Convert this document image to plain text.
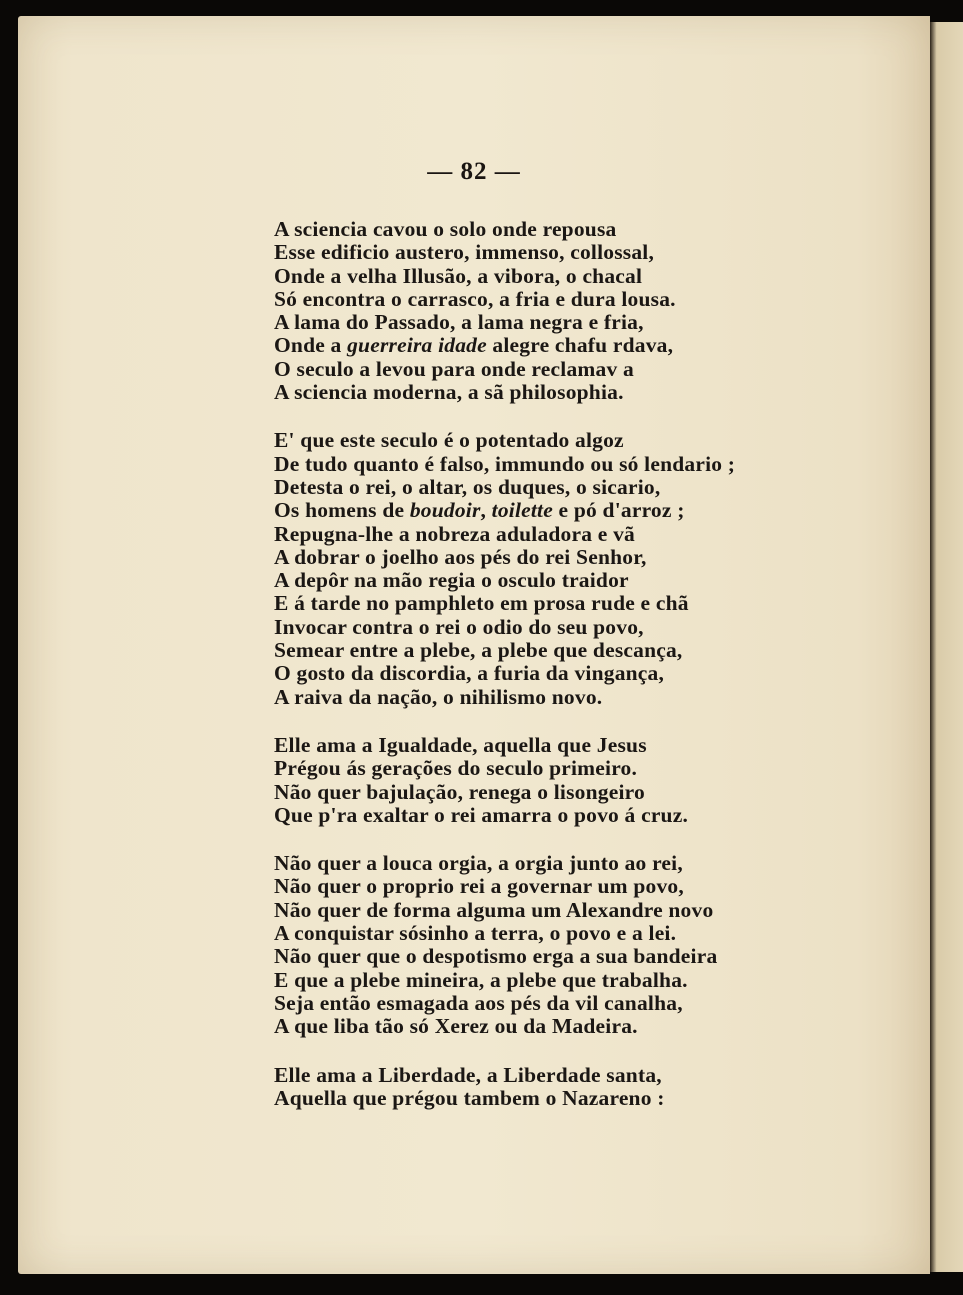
— 82 —
A sciencia cavou o solo onde repousa
Esse edificio austero, immenso, collossal,
Onde a velha Illusão, a vibora, o chacal
Só encontra o carrasco, a fria e dura lousa.
A lama do Passado, a lama negra e fria,
Onde a guerreira idade alegre chafu rdava,
O seculo a levou para onde reclamav a
A sciencia moderna, a sã philosophia.
E' que este seculo é o potentado algoz
De tudo quanto é falso, immundo ou só lendario ;
Detesta o rei, o altar, os duques, o sicario,
Os homens de boudoir, toilette e pó d'arroz ;
Repugna-lhe a nobreza aduladora e vã
A dobrar o joelho aos pés do rei Senhor,
A depôr na mão regia o osculo traidor
E á tarde no pamphleto em prosa rude e chã
Invocar contra o rei o odio do seu povo,
Semear entre a plebe, a plebe que descança,
O gosto da discordia, a furia da vingança,
A raiva da nação, o nihilismo novo.
Elle ama a Igualdade, aquella que Jesus
Prégou ás gerações do seculo primeiro.
Não quer bajulação, renega o lisongeiro
Que p'ra exaltar o rei amarra o povo á cruz.
Não quer a louca orgia, a orgia junto ao rei,
Não quer o proprio rei a governar um povo,
Não quer de forma alguma um Alexandre novo
A conquistar sósinho a terra, o povo e a lei.
Não quer que o despotismo erga a sua bandeira
E que a plebe mineira, a plebe que trabalha.
Seja então esmagada aos pés da vil canalha,
A que liba tão só Xerez ou da Madeira.
Elle ama a Liberdade, a Liberdade santa,
Aquella que prégou tambem o Nazareno :
